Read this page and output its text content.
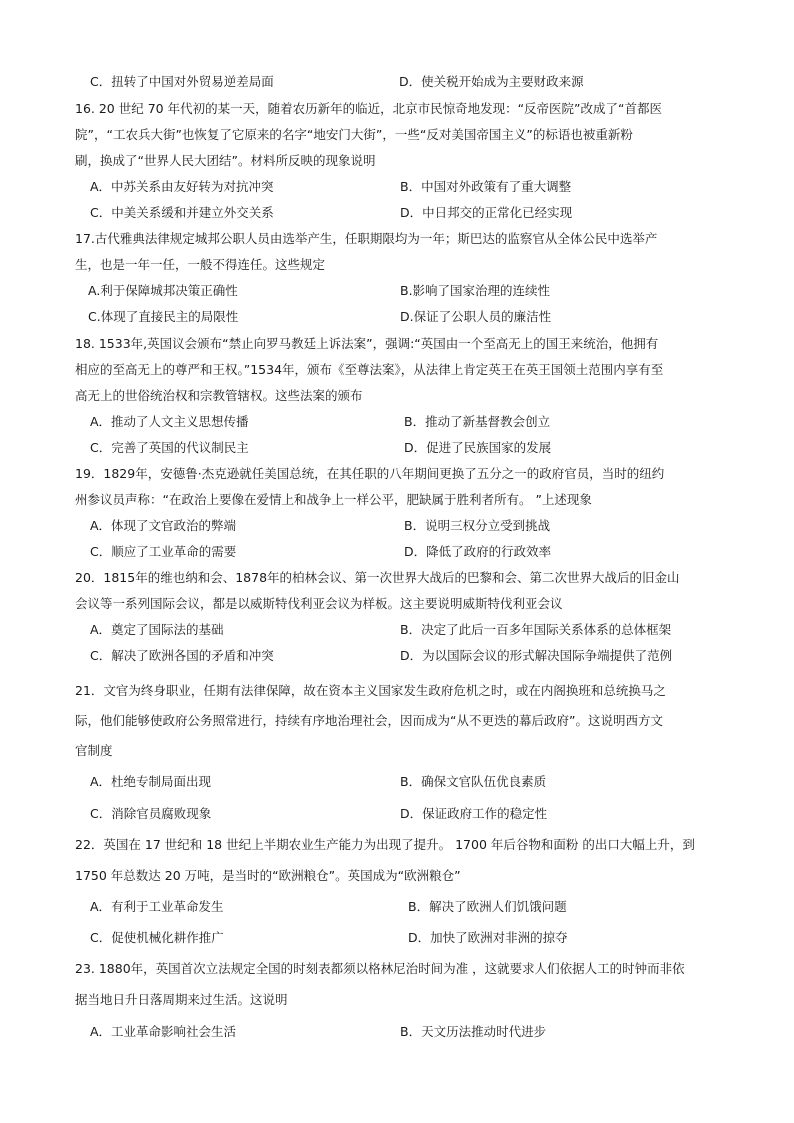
C．扭转了中国对外贸易逆差局面	D．使关税开始成为主要财政来源
16. 20 世纪 70 年代初的某一天，随着农历新年的临近，北京市民惊奇地发现：“反帝医院”改成了“首都医
院”，“工农兵大街”也恢复了它原来的名字“地安门大街”，一些“反对美国帝国主义”的标语也被重新粉
刷，换成了“世界人民大团结”。材料所反映的现象说明
A．中苏关系由友好转为对抗冲突	B．中国对外政策有了重大调整
C．中美关系缓和并建立外交关系	D．中日邦交的正常化已经实现
17.古代雅典法律规定城邦公职人员由选举产生，任职期限均为一年；斯巴达的监察官从全体公民中选举产
生，也是一年一任，一般不得连任。这些规定
A.利于保障城邦决策正确性	B.影响了国家治理的连续性
C.体现了直接民主的局限性	D.保证了公职人员的廉洁性
18. 1533年,英国议会颁布“禁止向罗马教廷上诉法案”，强调:“英国由一个至高无上的国王来统治，他拥有
相应的至高无上的尊严和王权。”1534年，颁布《至尊法案》，从法律上肯定英王在英王国领土范围内享有至
高无上的世俗统治权和宗教管辖权。这些法案的颁布
A．推动了人文主义思想传播	B．推动了新基督教会创立
C．完善了英国的代议制民主	D．促进了民族国家的发展
19．1829年，安德鲁·杰克逊就任美国总统，在其任职的八年期间更换了五分之一的政府官员，当时的纽约
州参议员声称：“在政治上要像在爱情上和战争上一样公平，肥缺属于胜利者所有。 ”上述现象
A．体现了文官政治的弊端	B．说明三权分立受到挑战
C．顺应了工业革命的需要	D．降低了政府的行政效率
20．1815年的维也纳和会、1878年的柏林会议、第一次世界大战后的巴黎和会、第二次世界大战后的旧金山
会议等一系列国际会议，都是以威斯特伐利亚会议为样板。这主要说明威斯特伐利亚会议
A．奠定了国际法的基础	B．决定了此后一百多年国际关系体系的总体框架
C．解决了欧洲各国的矛盾和冲突	D．为以国际会议的形式解决国际争端提供了范例
21．文官为终身职业，任期有法律保障，故在资本主义国家发生政府危机之时，或在内阁换班和总统换马之
际，他们能够使政府公务照常进行，持续有序地治理社会，因而成为“从不更迭的幕后政府”。这说明西方文
官制度
A．杜绝专制局面出现	B．确保文官队伍优良素质
C．消除官员腐败现象	D．保证政府工作的稳定性
22．英国在 17 世纪和 18 世纪上半期农业生产能力为出现了提升。 1700 年后谷物和面粉 的出口大幅上升，到
1750 年总数达 20 万吨，是当时的“欧洲粮仓”。英国成为“欧洲粮仓”
A．有利于工业革命发生	B．解决了欧洲人们饥饿问题
C．促使机械化耕作推广	D．加快了欧洲对非洲的掠夺
23. 1880年，英国首次立法规定全国的时刻表都须以格林尼治时间为准 ，这就要求人们依据人工的时钟而非依
据当地日升日落周期来过生活。这说明
A．工业革命影响社会生活	B．天文历法推动时代进步
